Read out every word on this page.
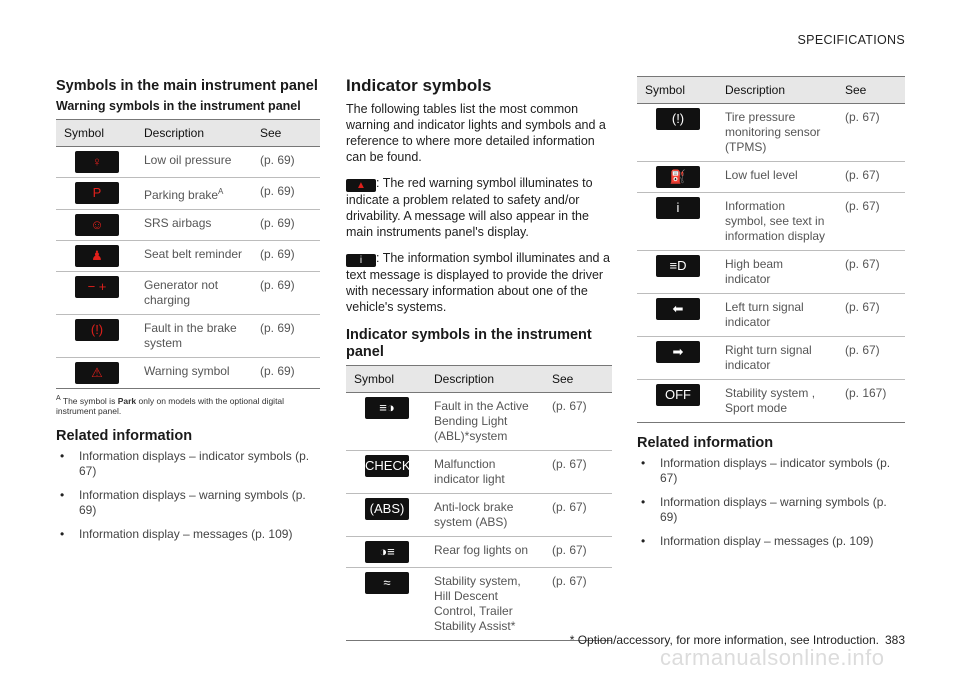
SPECIFICATIONS
Symbols in the main instrument panel
Warning symbols in the instrument panel
Symbol	Description	See
♀	Low oil pressure	(p. 69)
P	Parking brake$^A$	(p. 69)
☺	SRS airbags	(p. 69)
♟	Seat belt reminder	(p. 69)
− +	Generator not charging	(p. 69)
(!)	Fault in the brake system	(p. 69)
⚠	Warning symbol	(p. 69)
$^A$ The symbol is Park only on models with the optional digital instrument panel.
Related information
• Information displays – indicator symbols (p. 67)
• Information displays – warning symbols (p. 69)
• Information display – messages (p. 109)
Indicator symbols

The following tables list the most common warning and indicator lights and symbols and a reference to where more detailed information can be found.

▲ : The red warning symbol illuminates to indicate a problem related to safety and/or drivability. A message will also appear in the main instruments panel's display.

i : The information symbol illuminates and a text message is displayed to provide the driver with necessary information about one of the vehicle's systems.

Indicator symbols in the instrument panel
Symbol	Description	See
≡◑	Fault in the Active Bending Light (ABL)*system	(p. 67)
CHECK	Malfunction indicator light	(p. 67)
(ABS)	Anti-lock brake system (ABS)	(p. 67)
◑≡	Rear fog lights on	(p. 67)
≈	Stability system, Hill Descent Control, Trailer Stability Assist*	(p. 67)
Symbol	Description	See
(!)	Tire pressure monitoring sensor (TPMS)	(p. 67)
⛽	Low fuel level	(p. 67)
i	Information symbol, see text in information display	(p. 67)
≡D	High beam indicator	(p. 67)
⬅	Left turn signal indicator	(p. 67)
➡	Right turn signal indicator	(p. 67)
OFF	Stability system , Sport mode	(p. 167)
Related information
• Information displays – indicator symbols (p. 67)
• Information displays – warning symbols (p. 69)
• Information display – messages (p. 109)
carmanualsonline.info
* Option/accessory, for more information, see Introduction. 383
